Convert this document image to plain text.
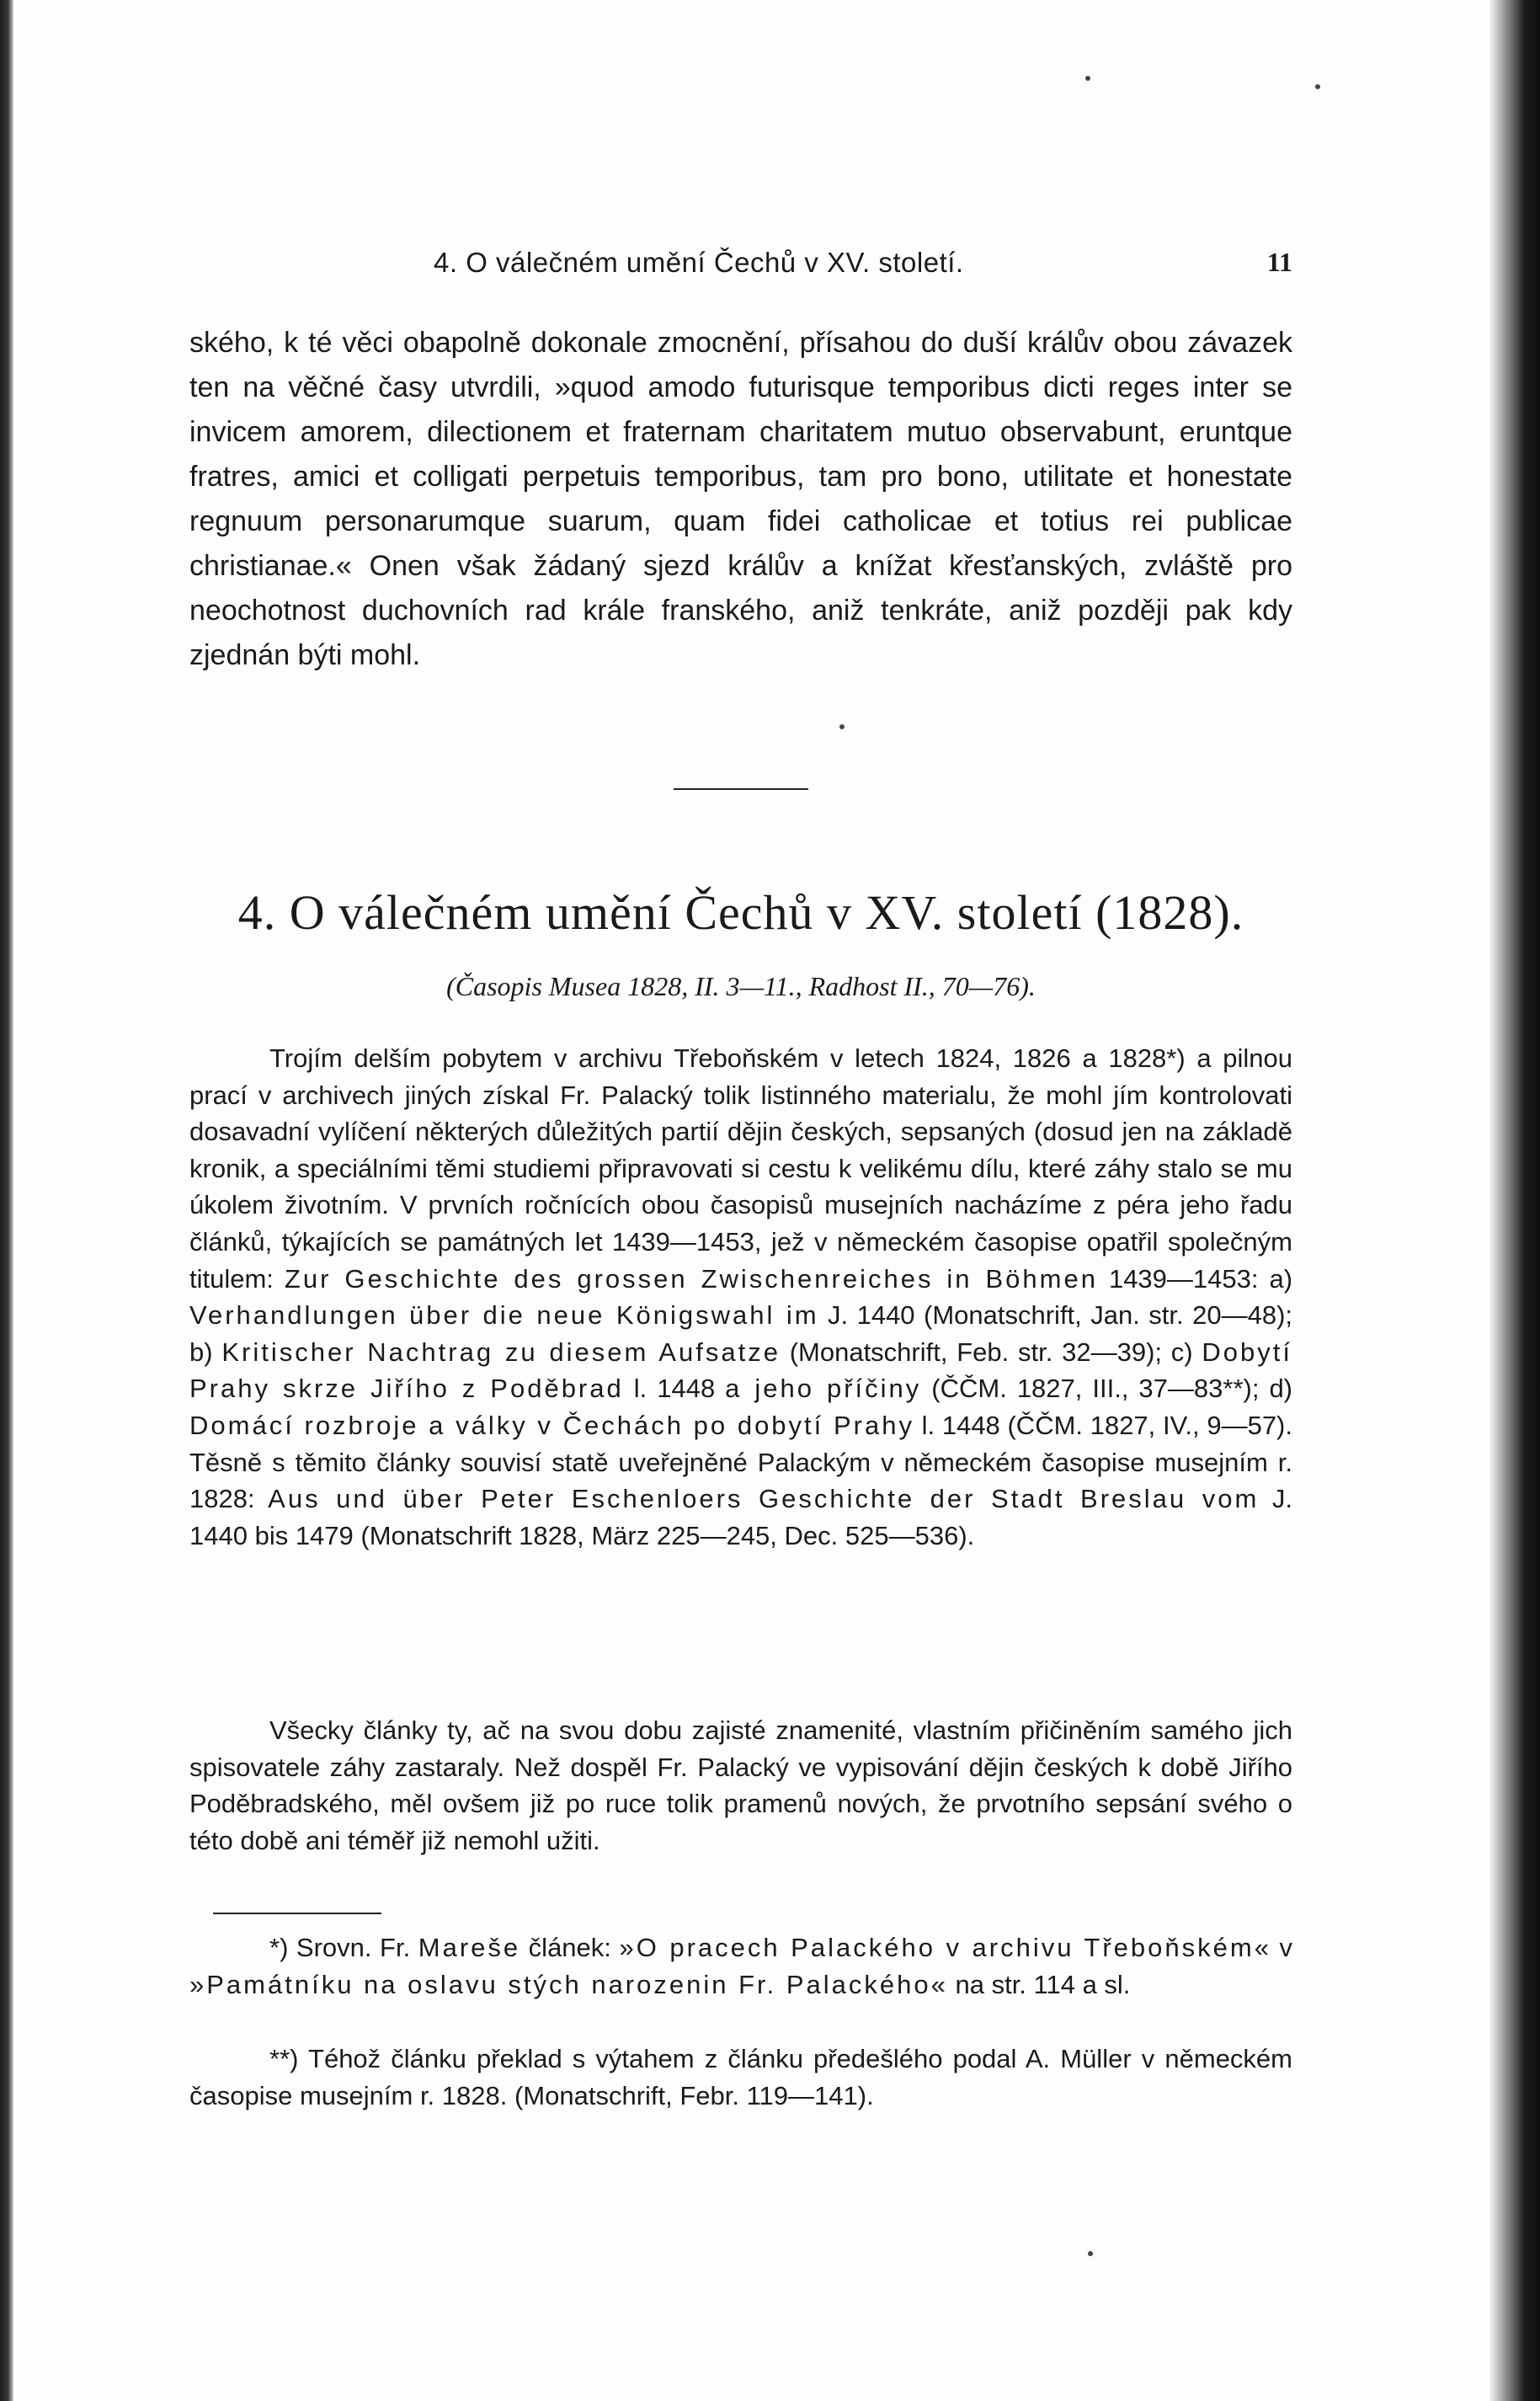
4. O válečném umění Čechů v XV. století.	11

ského, k té věci obapolně dokonale zmocnění, přísahou do duší králův obou závazek ten na věčné časy utvrdili, »quod amodo futurisque temporibus dicti reges inter se invicem amorem, dilectionem et fraternam charitatem mutuo observabunt, eruntque fratres, amici et colligati perpetuis temporibus, tam pro bono, utilitate et honestate regnuum personarumque suarum, quam fidei catholicae et totius rei publicae christianae.« Onen však žádaný sjezd králův a knížat křesťanských, zvláště pro neochotnost duchovních rad krále franského, aniž tenkráte, aniž později pak kdy zjednán býti mohl.

4. O válečném umění Čechů v XV. století (1828).

(Časopis Musea 1828, II. 3—11., Radhost II., 70—76).

Trojím delším pobytem v archivu Třeboňském v letech 1824, 1826 a 1828*) a pilnou prací v archivech jiných získal Fr. Palacký tolik listinného materialu, že mohl jím kontrolovati dosavadní vylíčení některých důležitých partií dějin českých, sepsaných (dosud jen na základě kronik, a speciálními těmi studiemi připravovati si cestu k velikému dílu, které záhy stalo se mu úkolem životním. V prvních ročnících obou časopisů musejních nacházíme z péra jeho řadu článků, týkajících se památných let 1439—1453, jež v německém časopise opatřil společným titulem: Zur Geschichte des grossen Zwischenreiches in Böhmen 1439—1453: a) Verhandlungen über die neue Königswahl im J. 1440 (Monatschrift, Jan. str. 20—48); b) Kritischer Nachtrag zu diesem Aufsatze (Monatschrift, Feb. str. 32—39); c) Dobytí Prahy skrze Jiřího z Poděbrad l. 1448 a jeho příčiny (ČČM. 1827, III., 37—83**); d) Domácí rozbroje a války v Čechách po dobytí Prahy l. 1448 (ČČM. 1827, IV., 9—57). Těsně s těmito články souvisí statě uveřejněné Palackým v německém časopise musejním r. 1828: Aus und über Peter Eschenloers Geschichte der Stadt Breslau vom J. 1440 bis 1479 (Monatschrift 1828, März 225—245, Dec. 525—536).

Všecky články ty, ač na svou dobu zajisté znamenité, vlastním přičiněním samého jich spisovatele záhy zastaraly. Než dospěl Fr. Palacký ve vypisování dějin českých k době Jiřího Poděbradského, měl ovšem již po ruce tolik pramenů nových, že prvotního sepsání svého o této době ani téměř již nemohl užiti.

*) Srovn. Fr. Mareše článek: »O pracech Palackého v archivu Třeboňském« v »Památníku na oslavu stých narozenin Fr. Palackého« na str. 114 a sl.

**) Téhož článku překlad s výtahem z článku předešlého podal A. Müller v německém časopise musejním r. 1828. (Monatschrift, Febr. 119—141).
